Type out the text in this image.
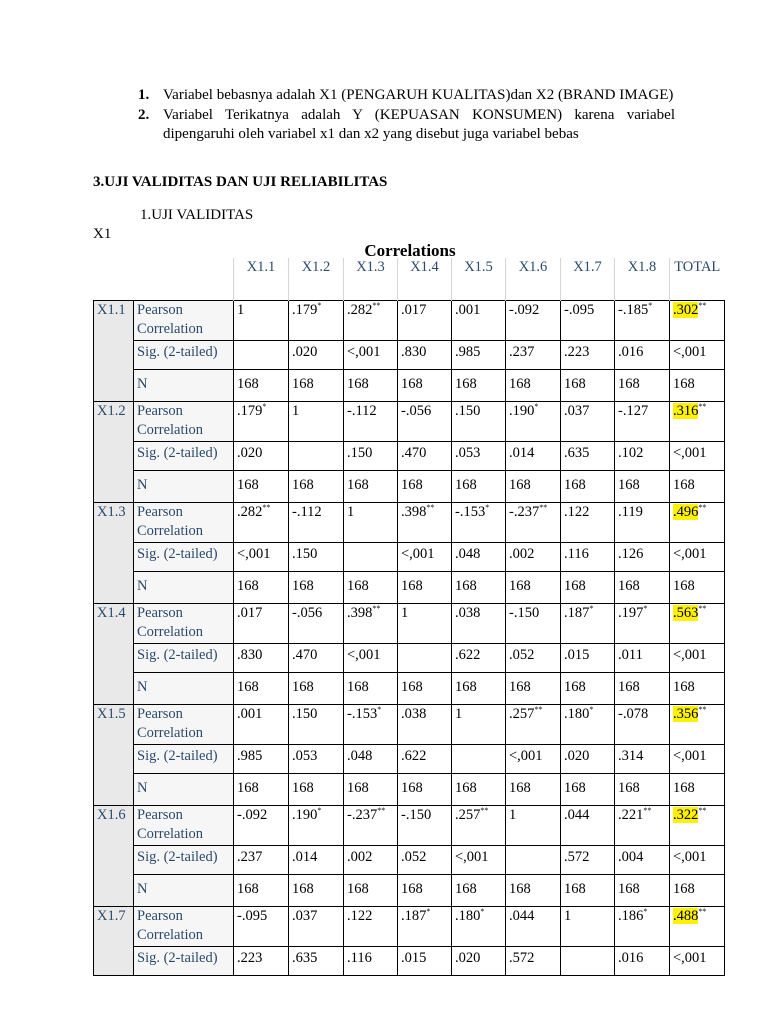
1. Variabel bebasnya adalah X1 (PENGARUH KUALITAS)dan X2 (BRAND IMAGE)
2. Variabel Terikatnya adalah Y (KEPUASAN KONSUMEN) karena variabel dipengaruhi oleh variabel x1 dan x2 yang disebut juga variabel bebas
3.UJI VALIDITAS DAN UJI RELIABILITAS
1.UJI VALIDITAS
X1
Correlations
		X1.1	X1.2	X1.3	X1.4	X1.5	X1.6	X1.7	X1.8	TOTAL
X1.1	Pearson Correlation	1	.179*	.282**	.017	.001	-.092	-.095	-.185*	.302**
	Sig. (2-tailed)		.020	<,001	.830	.985	.237	.223	.016	<,001
	N	168	168	168	168	168	168	168	168	168
X1.2	Pearson Correlation	.179*	1	-.112	-.056	.150	.190*	.037	-.127	.316**
	Sig. (2-tailed)	.020		.150	.470	.053	.014	.635	.102	<,001
	N	168	168	168	168	168	168	168	168	168
X1.3	Pearson Correlation	.282**	-.112	1	.398**	-.153*	-.237**	.122	.119	.496**
	Sig. (2-tailed)	<,001	.150		<,001	.048	.002	.116	.126	<,001
	N	168	168	168	168	168	168	168	168	168
X1.4	Pearson Correlation	.017	-.056	.398**	1	.038	-.150	.187*	.197*	.563**
	Sig. (2-tailed)	.830	.470	<,001		.622	.052	.015	.011	<,001
	N	168	168	168	168	168	168	168	168	168
X1.5	Pearson Correlation	.001	.150	-.153*	.038	1	.257**	.180*	-.078	.356**
	Sig. (2-tailed)	.985	.053	.048	.622		<,001	.020	.314	<,001
	N	168	168	168	168	168	168	168	168	168
X1.6	Pearson Correlation	-.092	.190*	-.237**	-.150	.257**	1	.044	.221**	.322**
	Sig. (2-tailed)	.237	.014	.002	.052	<,001		.572	.004	<,001
	N	168	168	168	168	168	168	168	168	168
X1.7	Pearson Correlation	-.095	.037	.122	.187*	.180*	.044	1	.186*	.488**
	Sig. (2-tailed)	.223	.635	.116	.015	.020	.572		.016	<,001
